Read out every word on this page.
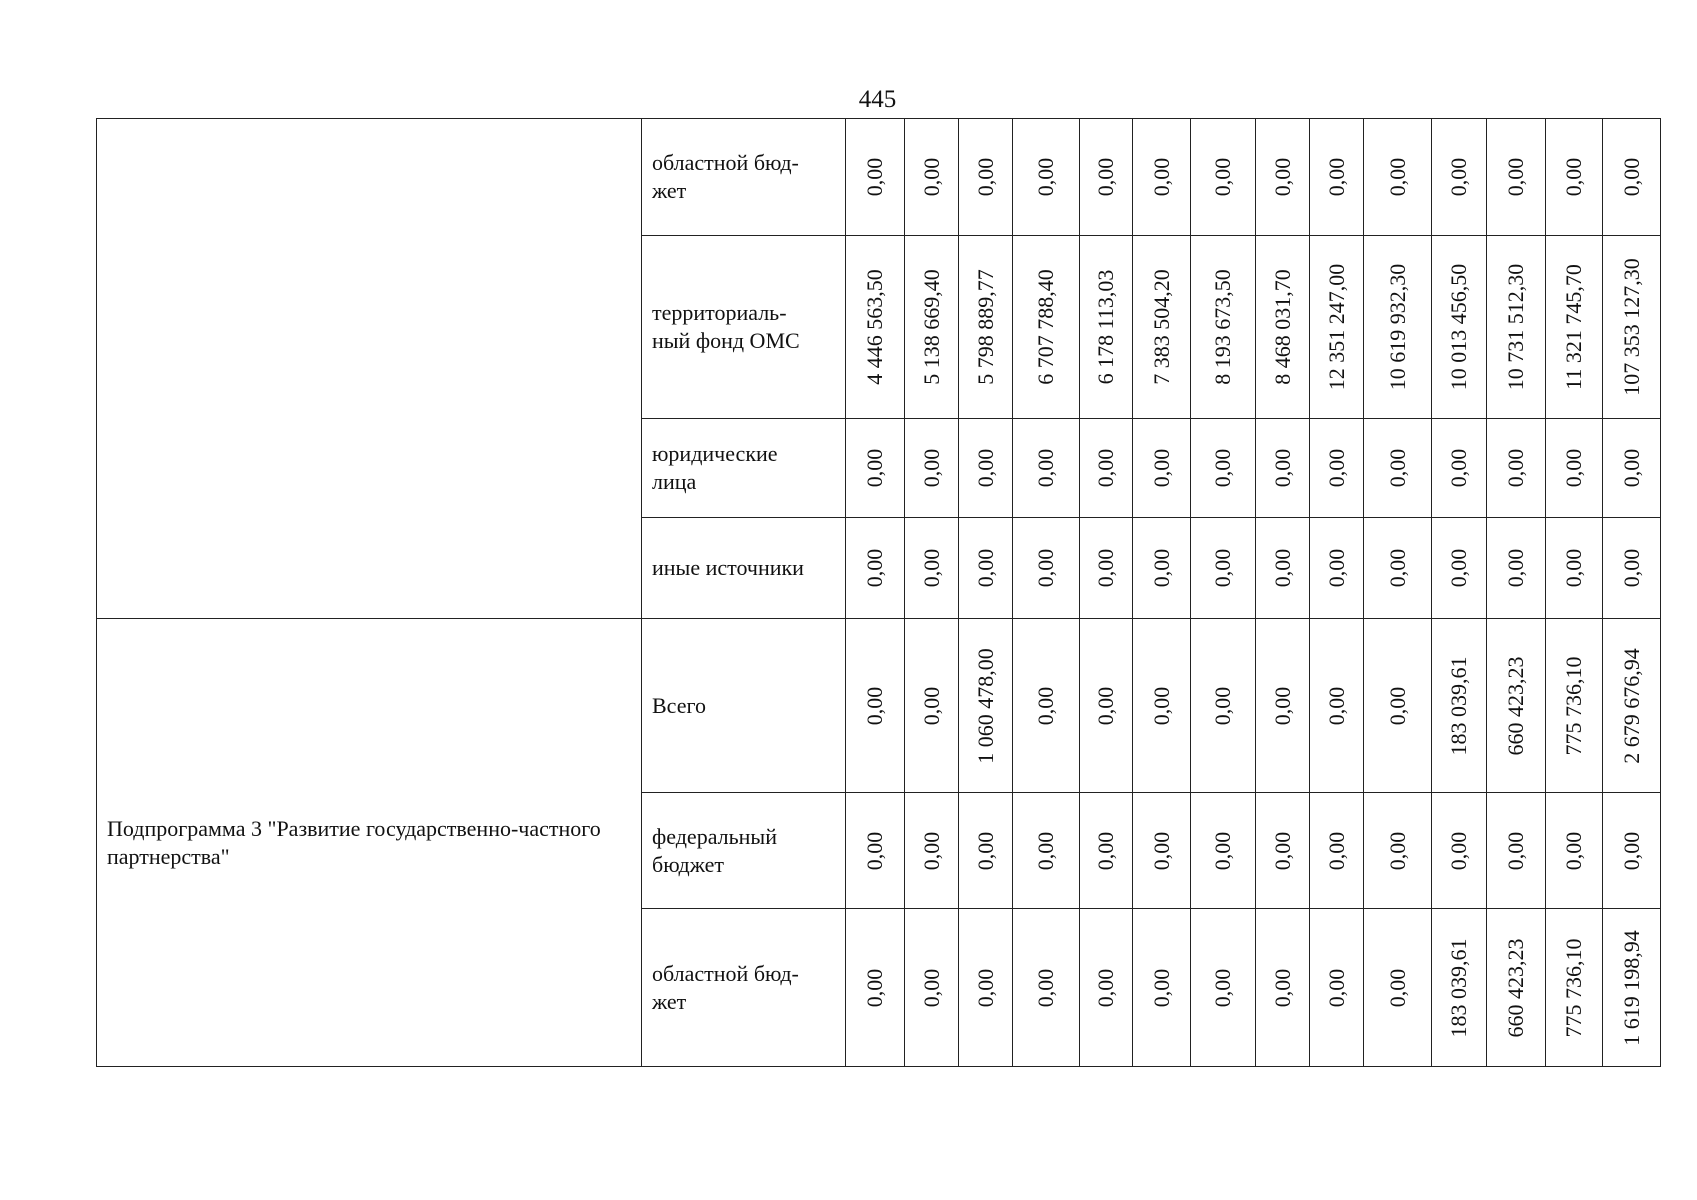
445
	областной бюд-
жет	0,00	0,00	0,00	0,00	0,00	0,00	0,00	0,00	0,00	0,00	0,00	0,00	0,00	0,00

	территориаль-
ный фонд ОМС	4 446 563,50	5 138 669,40	5 798 889,77	6 707 788,40	6 178 113,03	7 383 504,20	8 193 673,50	8 468 031,70	12 351 247,00	10 619 932,30	10 013 456,50	10 731 512,30	11 321 745,70	107 353 127,30

	юридические
лица	0,00	0,00	0,00	0,00	0,00	0,00	0,00	0,00	0,00	0,00	0,00	0,00	0,00	0,00

	иные источники	0,00	0,00	0,00	0,00	0,00	0,00	0,00	0,00	0,00	0,00	0,00	0,00	0,00	0,00

Подпрограмма 3 "Развитие государственно-частного партнерства"	Всего	0,00	0,00	1 060 478,00	0,00	0,00	0,00	0,00	0,00	0,00	0,00	183 039,61	660 423,23	775 736,10	2 679 676,94

	федеральный
бюджет	0,00	0,00	0,00	0,00	0,00	0,00	0,00	0,00	0,00	0,00	0,00	0,00	0,00	0,00

	областной бюд-
жет	0,00	0,00	0,00	0,00	0,00	0,00	0,00	0,00	0,00	0,00	183 039,61	660 423,23	775 736,10	1 619 198,94
